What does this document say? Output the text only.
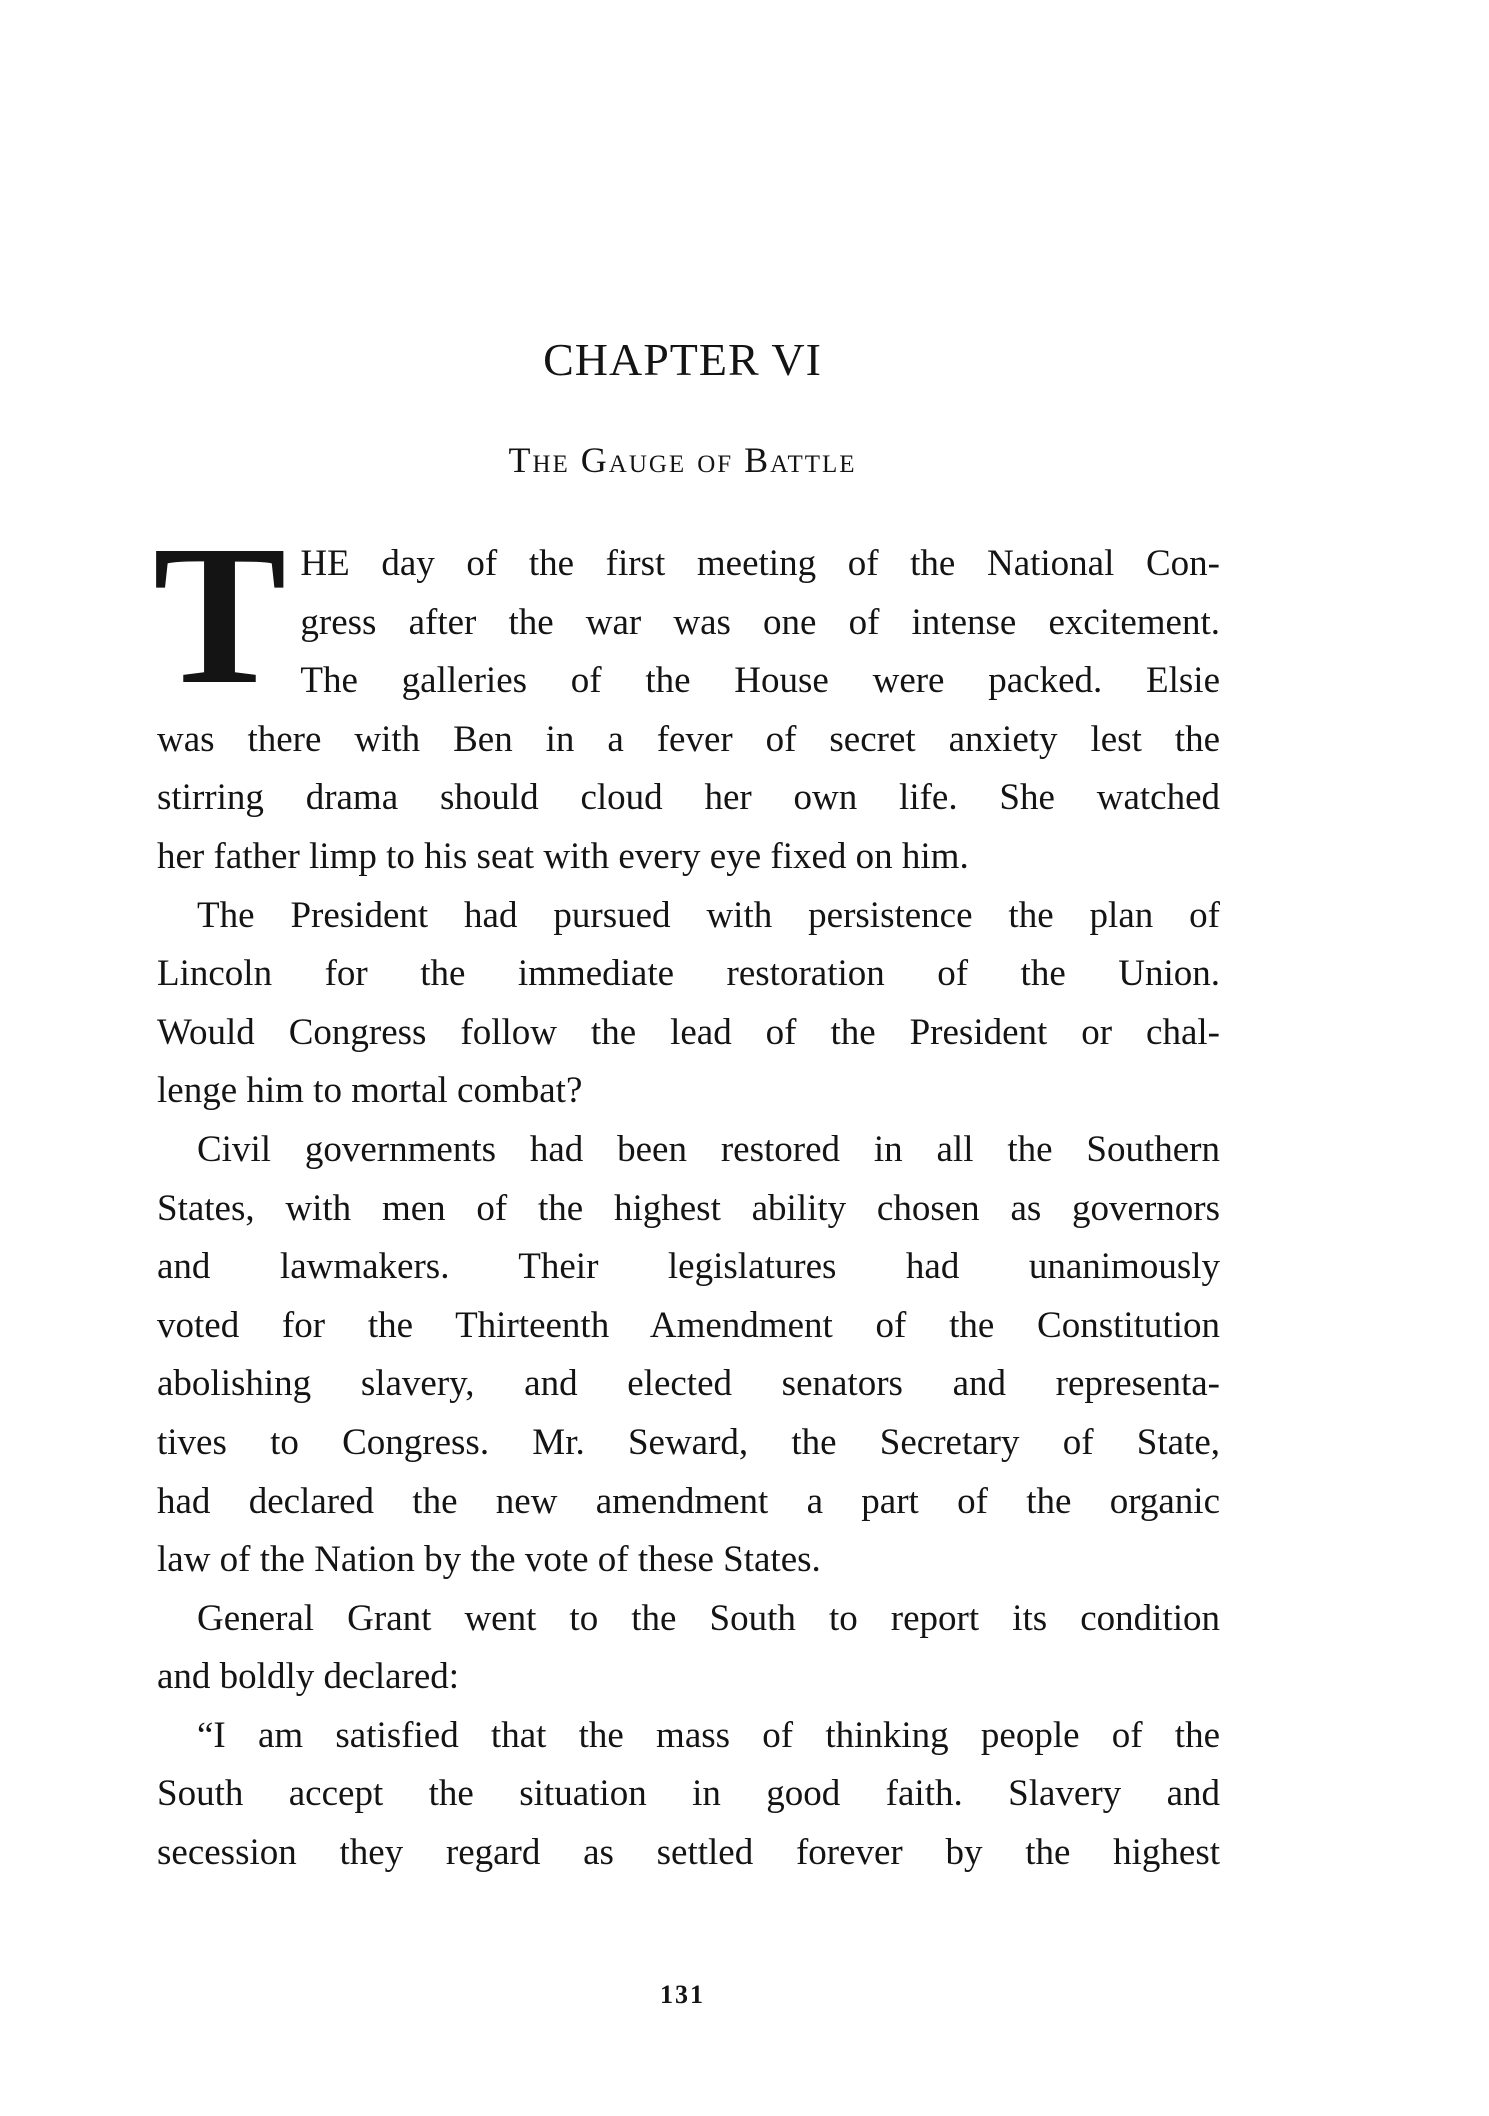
CHAPTER VI
The Gauge of Battle

T HE day of the first meeting of the National Con-
gress after the war was one of intense excitement.
The galleries of the House were packed. Elsie
was there with Ben in a fever of secret anxiety lest the
stirring drama should cloud her own life. She watched
her father limp to his seat with every eye fixed on him.

The President had pursued with persistence the plan of
Lincoln for the immediate restoration of the Union.
Would Congress follow the lead of the President or chal-
lenge him to mortal combat?

Civil governments had been restored in all the Southern
States, with men of the highest ability chosen as governors
and lawmakers. Their legislatures had unanimously
voted for the Thirteenth Amendment of the Constitution
abolishing slavery, and elected senators and representa-
tives to Congress. Mr. Seward, the Secretary of State,
had declared the new amendment a part of the organic
law of the Nation by the vote of these States.

General Grant went to the South to report its condition
and boldly declared:

“I am satisfied that the mass of thinking people of the
South accept the situation in good faith. Slavery and
secession they regard as settled forever by the highest

131
